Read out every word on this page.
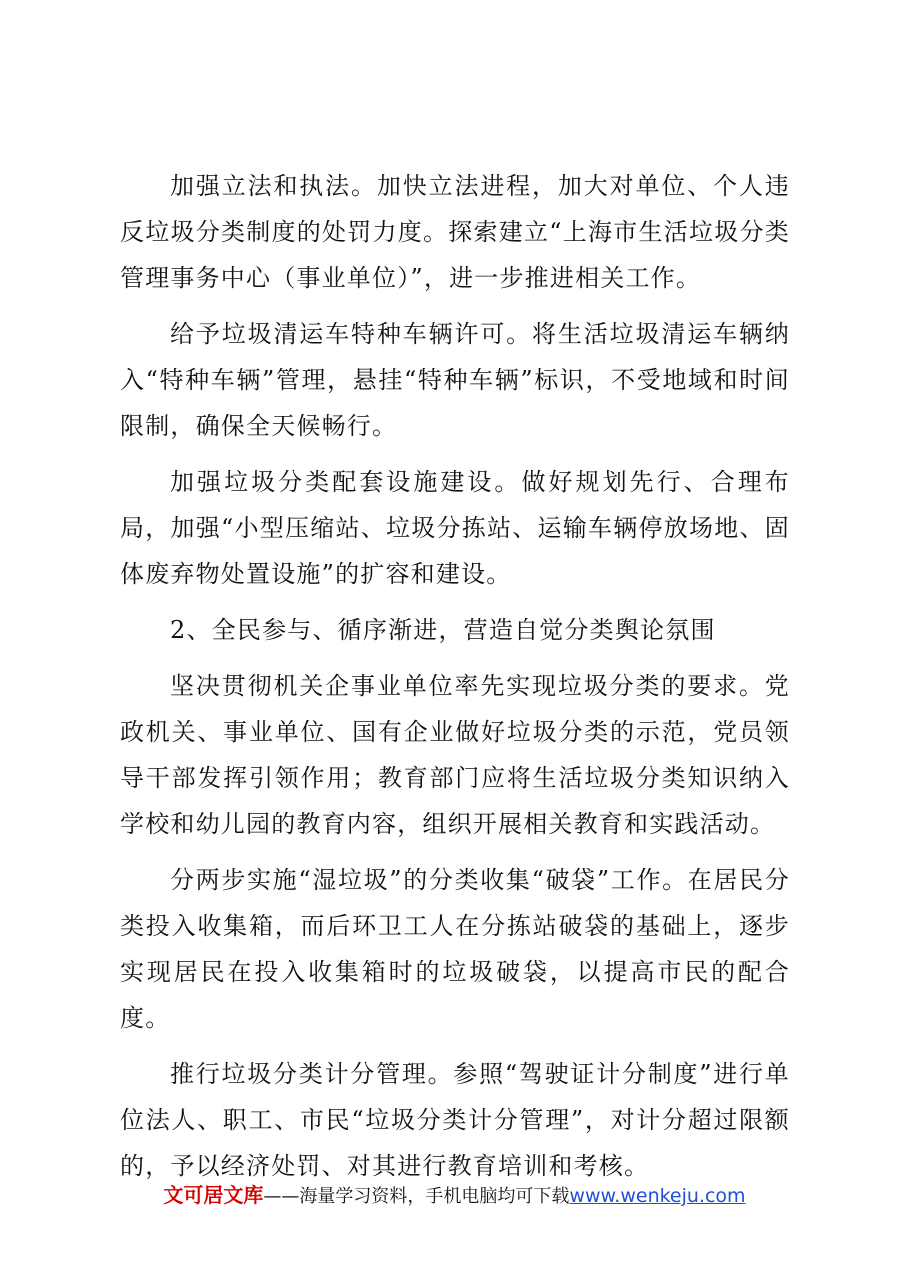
加强立法和执法。加快立法进程，加大对单位、个人违反垃圾分类制度的处罚力度。探索建立“上海市生活垃圾分类管理事务中心（事业单位）”，进一步推进相关工作。

给予垃圾清运车特种车辆许可。将生活垃圾清运车辆纳入“特种车辆”管理，悬挂“特种车辆”标识，不受地域和时间限制，确保全天候畅行。

加强垃圾分类配套设施建设。做好规划先行、合理布局，加强“小型压缩站、垃圾分拣站、运输车辆停放场地、固体废弃物处置设施”的扩容和建设。

2、全民参与、循序渐进，营造自觉分类舆论氛围

坚决贯彻机关企事业单位率先实现垃圾分类的要求。党政机关、事业单位、国有企业做好垃圾分类的示范，党员领导干部发挥引领作用；教育部门应将生活垃圾分类知识纳入学校和幼儿园的教育内容，组织开展相关教育和实践活动。

分两步实施“湿垃圾”的分类收集“破袋”工作。在居民分类投入收集箱，而后环卫工人在分拣站破袋的基础上，逐步实现居民在投入收集箱时的垃圾破袋，以提高市民的配合度。

推行垃圾分类计分管理。参照“驾驶证计分制度”进行单位法人、职工、市民“垃圾分类计分管理”，对计分超过限额的，予以经济处罚、对其进行教育培训和考核。

文可居文库——海量学习资料，手机电脑均可下载www.wenkeju.com
